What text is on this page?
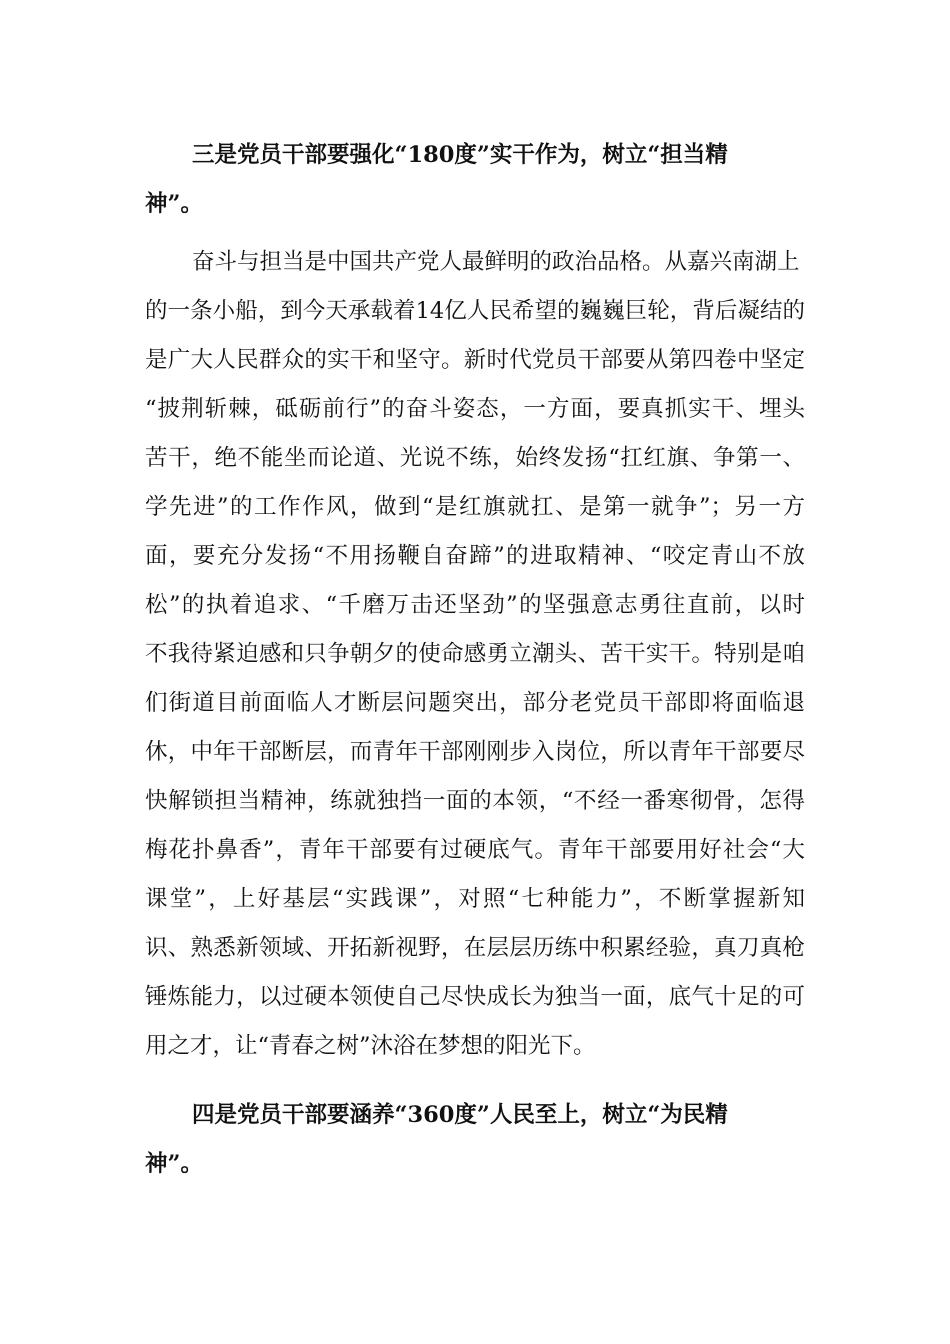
三是党员干部要强化“180度”实干作为，树立“担当精
神”。
奋斗与担当是中国共产党人最鲜明的政治品格。从嘉兴南湖上
的一条小船，到今天承载着14亿人民希望的巍巍巨轮，背后凝结的
是广大人民群众的实干和坚守。新时代党员干部要从第四卷中坚定
“披荆斩棘，砥砺前行”的奋斗姿态，一方面，要真抓实干、埋头
苦干，绝不能坐而论道、光说不练，始终发扬“扛红旗、争第一、
学先进”的工作作风，做到“是红旗就扛、是第一就争”；另一方
面，要充分发扬“不用扬鞭自奋蹄”的进取精神、“咬定青山不放
松”的执着追求、“千磨万击还坚劲”的坚强意志勇往直前，以时
不我待紧迫感和只争朝夕的使命感勇立潮头、苦干实干。特别是咱
们街道目前面临人才断层问题突出，部分老党员干部即将面临退
休，中年干部断层，而青年干部刚刚步入岗位，所以青年干部要尽
快解锁担当精神，练就独挡一面的本领，“不经一番寒彻骨，怎得
梅花扑鼻香”，青年干部要有过硬底气。青年干部要用好社会“大
课堂”，上好基层“实践课”，对照“七种能力”，不断掌握新知
识、熟悉新领域、开拓新视野，在层层历练中积累经验，真刀真枪
锤炼能力，以过硬本领使自己尽快成长为独当一面，底气十足的可
用之才，让“青春之树”沐浴在梦想的阳光下。
四是党员干部要涵养“360度”人民至上，树立“为民精
神”。
